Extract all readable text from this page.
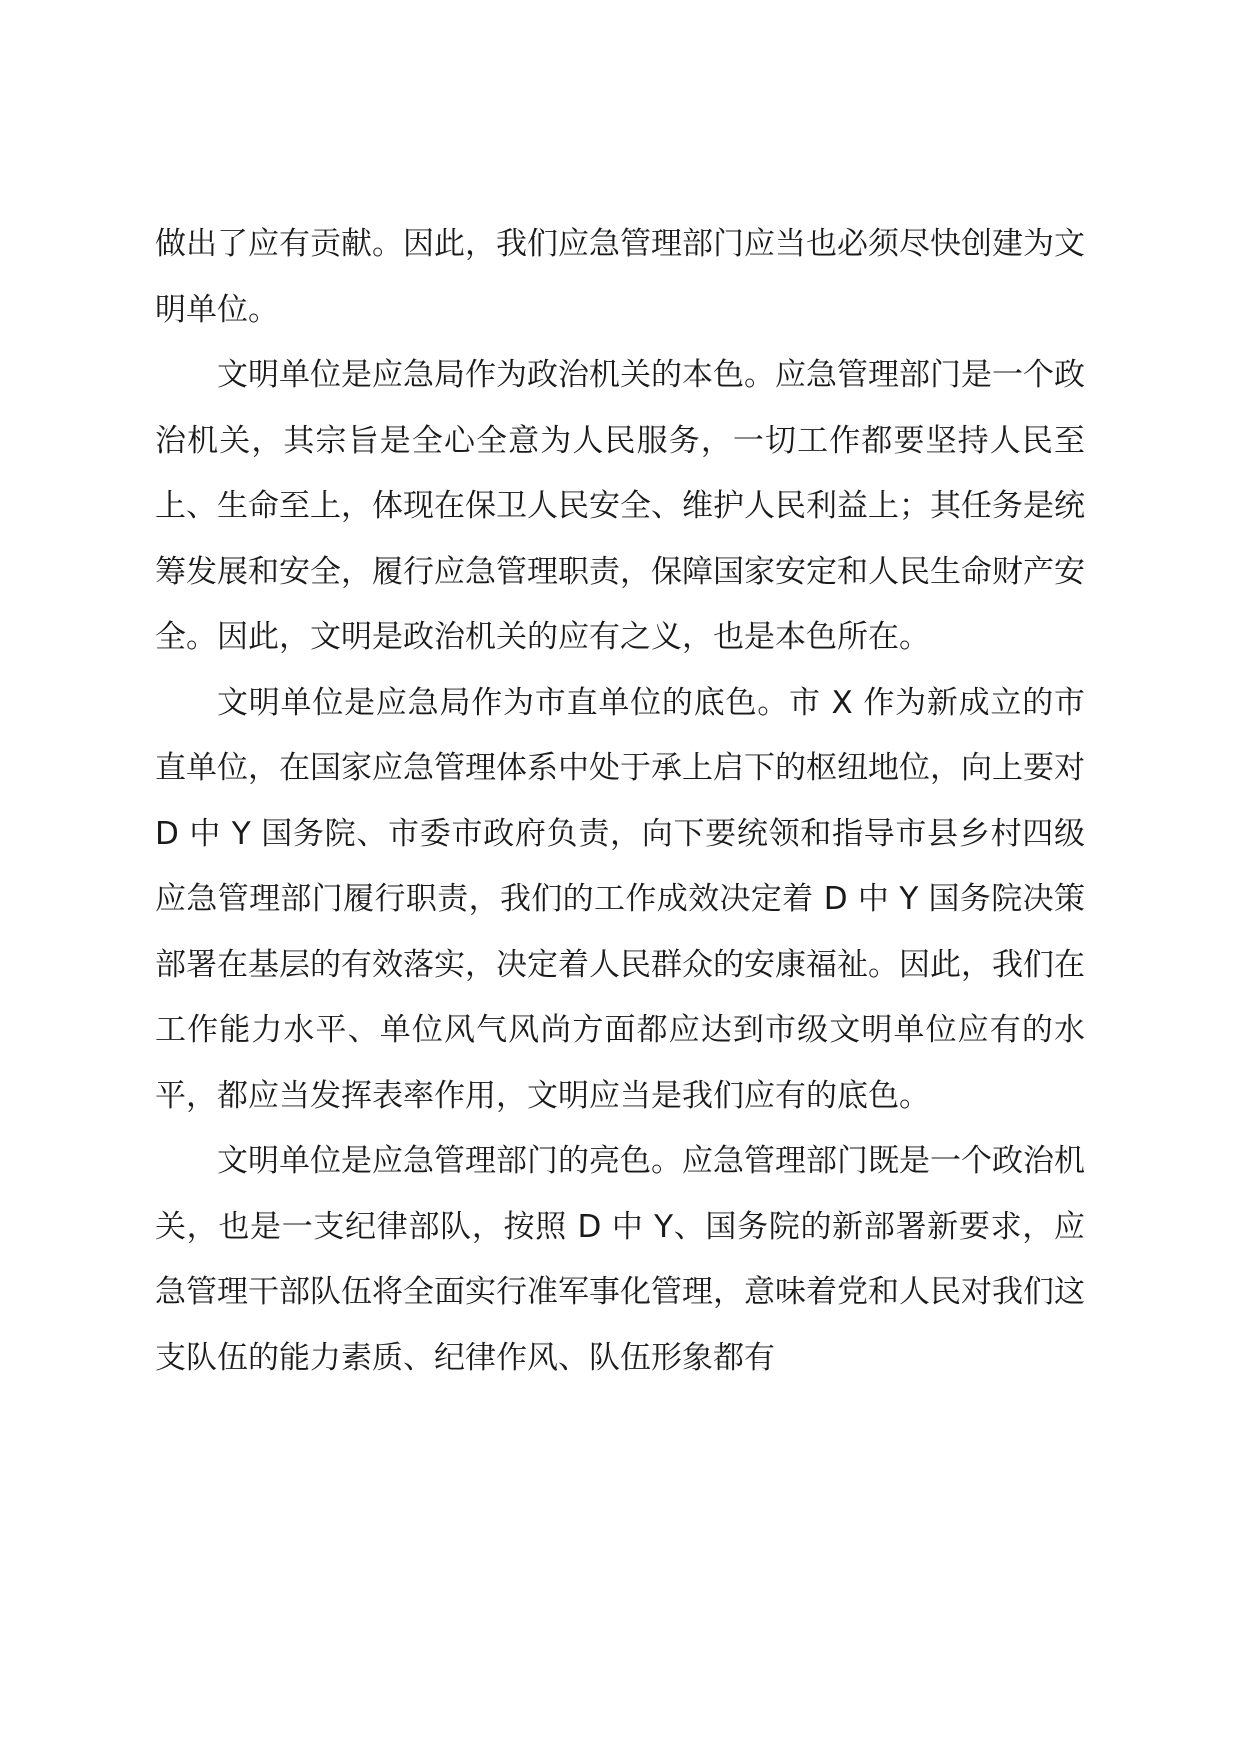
做出了应有贡献。因此，我们应急管理部门应当也必须尽快创建为文明单位。

文明单位是应急局作为政治机关的本色。应急管理部门是一个政治机关，其宗旨是全心全意为人民服务，一切工作都要坚持人民至上、生命至上，体现在保卫人民安全、维护人民利益上；其任务是统筹发展和安全，履行应急管理职责，保障国家安定和人民生命财产安全。因此，文明是政治机关的应有之义，也是本色所在。

文明单位是应急局作为市直单位的底色。市 X 作为新成立的市直单位，在国家应急管理体系中处于承上启下的枢纽地位，向上要对 D 中 Y 国务院、市委市政府负责，向下要统领和指导市县乡村四级应急管理部门履行职责，我们的工作成效决定着 D 中 Y 国务院决策部署在基层的有效落实，决定着人民群众的安康福祉。因此，我们在工作能力水平、单位风气风尚方面都应达到市级文明单位应有的水平，都应当发挥表率作用，文明应当是我们应有的底色。

文明单位是应急管理部门的亮色。应急管理部门既是一个政治机关，也是一支纪律部队，按照 D 中 Y、国务院的新部署新要求，应急管理干部队伍将全面实行准军事化管理，意味着党和人民对我们这支队伍的能力素质、纪律作风、队伍形象都有
